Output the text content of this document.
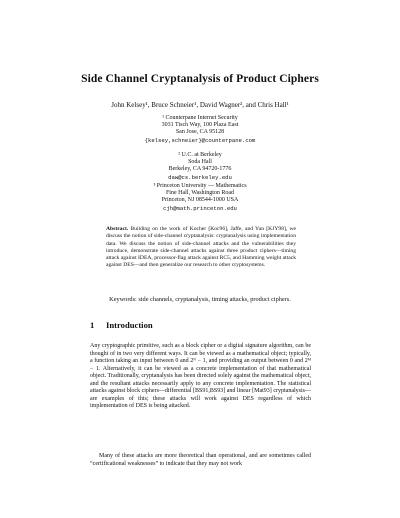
Side Channel Cryptanalysis of Product Ciphers
John Kelsey¹, Bruce Schneier¹, David Wagner², and Chris Hall¹
¹ Counterpane Internet Security
3031 Tisch Way, 100 Plaza East
San Jose, CA 95128
{kelsey,schneier}@counterpane.com
² U.C. at Berkeley
Soda Hall
Berkeley, CA 94720-1776
daw@cs.berkeley.edu
³ Princeton University — Mathematics
Fine Hall, Washington Road
Princeton, NJ 08544-1000 USA
cjh@math.princeton.edu
Abstract. Building on the work of Kocher [Koc96], Jaffe, and Yun [KJY98], we discuss the notion of side-channel cryptanalysis: cryptanalysis using implementation data. We discuss the notion of side-channel attacks and the vulnerabilities they introduce, demonstrate side-channel attacks against three product ciphers—timing attack against IDEA, processor-flag attack against RC5, and Hamming weight attack against DES—and then generalize our research to other cryptosystems.
Keywords: side channels, cryptanalysis, timing attacks, product ciphers.
1 Introduction
Any cryptographic primitive, such as a block cipher or a digital signature algorithm, can be thought of in two very different ways. It can be viewed as a mathematical object; typically, a function taking an input between 0 and 2ᴺ − 1, and providing an output between 0 and 2ᴹ − 1. Alternatively, it can be viewed as a concrete implementation of that mathematical object. Traditionally, cryptanalysis has been directed solely against the mathematical object, and the resultant attacks necessarily apply to any concrete implementation. The statistical attacks against block ciphers—differential [BS91,BS93] and linear [Mat93] cryptanalysis—are examples of this; these attacks will work against DES regardless of which implementation of DES is being attacked.
Many of these attacks are more theoretical than operational, and are sometimes called “certificational weaknesses” to indicate that they may not work
